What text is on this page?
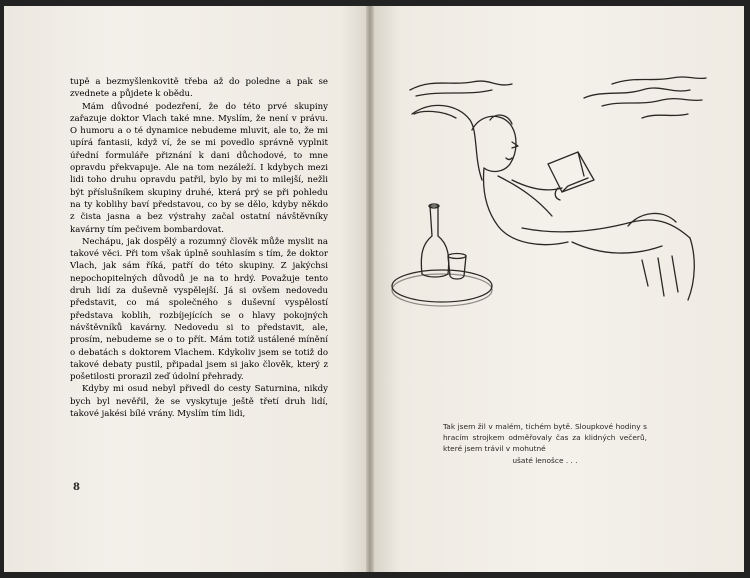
tupě a bezmyšlenkovitě třeba až do poledne a pak se zvednete a půjdete k obědu.

Mám důvodné podezření, že do této prvé skupiny zařazuje doktor Vlach také mne. Myslím, že není v právu. O humoru a o té dynamice nebudeme mluvit, ale to, že mi upírá fantasii, když ví, že se mi povedlo správně vyplnit úřední formuláře přiznání k dani důchodové, to mne opravdu překvapuje. Ale na tom nezáleží. I kdybych mezi lidi toho druhu opravdu patřil, bylo by mi to milejší, nežli být příslušníkem skupiny druhé, která prý se při pohledu na ty koblihy baví představou, co by se dělo, kdyby někdo z čista jasna a bez výstrahy začal ostatní návštěvníky kavárny tím pečivem bombardovat.

Nechápu, jak dospělý a rozumný člověk může myslit na takové věci. Při tom však úplně souhlasím s tím, že doktor Vlach, jak sám říká, patří do této skupiny. Z jakýchsi nepochopitelných důvodů je na to hrdý. Považuje tento druh lidí za duševně vyspělejší. Já si ovšem nedovedu představit, co má společného s duševní vyspělostí představa koblih, rozbíjejících se o hlavy pokojných návštěvníků kavárny. Nedovedu si to představit, ale, prosím, nebudeme se o to přít. Mám totiž ustálené mínění o debatách s doktorem Vlachem. Kdykoliv jsem se totiž do takové debaty pustil, připadal jsem si jako člověk, který z pošetilosti prorazil zeď údolní přehrady.

Kdyby mi osud nebyl přivedl do cesty Saturnina, nikdy bych byl nevěřil, že se vyskytuje ještě třetí druh lidí, takové jakési bílé vrány. Myslím tím lidi,

8
Tak jsem žil v malém, tichém bytě. Sloupkové hodiny s hracím strojkem odměřovaly čas za klidných večerů, které jsem trávil v mohutné
ušaté lenošce . . .
